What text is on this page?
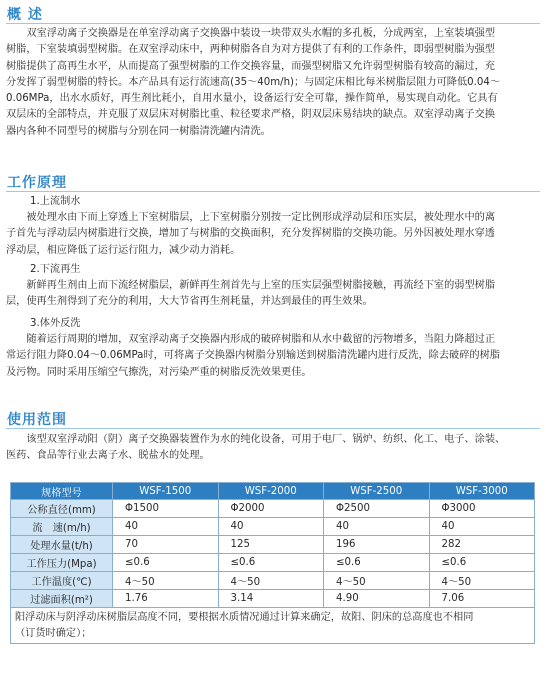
概 述

双室浮动离子交换器是在单室浮动离子交换器中装设一块带双头水帽的多孔板，分成两室，上室装填强型
树脂，下室装填弱型树脂。在双室浮动床中，两种树脂各自为对方提供了有利的工作条件，即弱型树脂为强型
树脂提供了高再生水平，从而提高了强型树脂的工作交换容量，而强型树脂又允许弱型树脂有较高的漏过，充
分发挥了弱型树脂的特长。本产品具有运行流速高(35～40m/h)；与固定床相比每米树脂层阻力可降低0.04～
0.06MPa，出水水质好，再生剂比耗小，自用水量小，设备运行安全可靠，操作简单，易实现自动化。它具有
双层床的全部特点，并克服了双层床对树脂比重、粒径要求严格，阴双层床易结块的缺点。双室浮动离子交换
器内各种不同型号的树脂与分别在同一树脂清洗罐内清洗。

工作原理

1.上流制水

被处理水由下而上穿透上下室树脂层，上下室树脂分别按一定比例形成浮动层和压实层，被处理水中的离
子首先与浮动层内树脂进行交换，增加了与树脂的交换面积，充分发挥树脂的交换功能。另外因被处理水穿透
浮动层，相应降低了运行运行阻力，减少动力消耗。

2.下流再生

新鲜再生剂由上而下流经树脂层，新鲜再生剂首先与上室的压实层强型树脂接触，再流经下室的弱型树脂
层，使再生剂得到了充分的利用，大大节省再生剂耗量，并达到最佳的再生效果。

3.体外反洗

随着运行周期的增加，双室浮动离子交换器内形成的破碎树脂和从水中截留的污物增多，当阻力降超过正
常运行阻力降0.04～0.06MPa时，可将离子交换器内树脂分别输送到树脂清洗罐内进行反洗，除去破碎的树脂
及污物。同时采用压缩空气擦洗，对污染严重的树脂反洗效果更佳。

使用范围

该型双室浮动阳（阴）离子交换器装置作为水的纯化设备，可用于电厂、锅炉、纺织、化工、电子、涂装、
医药、食品等行业去离子水、脱盐水的处理。

规格型号	WSF-1500	WSF-2000	WSF-2500	WSF-3000
公称直径(mm)	Φ1500	Φ2000	Φ2500	Φ3000
流　速(m/h)	40	40	40	40
处理水量(t/h)	70	125	196	282
工作压力(Mpa)	≤0.6	≤0.6	≤0.6	≤0.6
工作温度(℃)	4～50	4～50	4～50	4～50
过滤面积(m²)	1.76	3.14	4.90	7.06
阳浮动床与阴浮动床树脂层高度不同，要根据水质情况通过计算来确定，故阳、阴床的总高度也不相同
（订货时确定）；				
